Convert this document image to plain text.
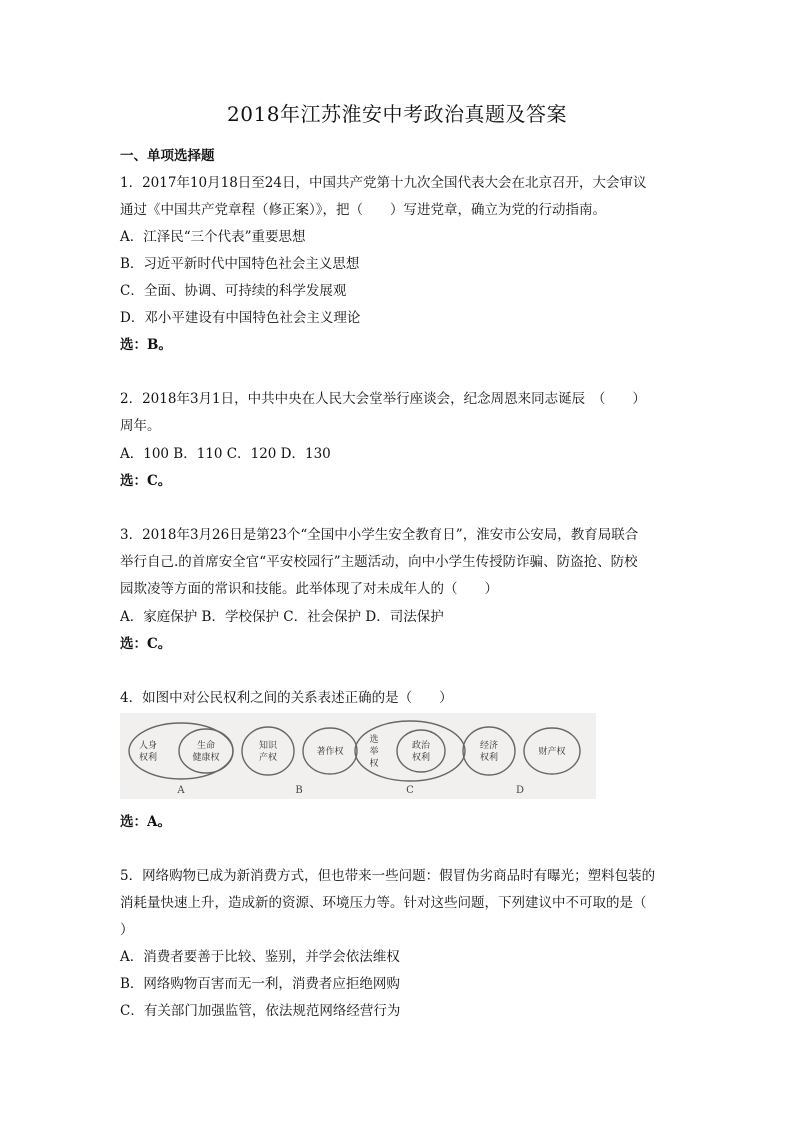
2018年江苏淮安中考政治真题及答案
一、单项选择题
1．2017年10月18日至24日，中国共产党第十九次全国代表大会在北京召开，大会审议
通过《中国共产党章程（修正案）》，把（　　）写进党章，确立为党的行动指南。
A．江泽民“三个代表”重要思想
B．习近平新时代中国特色社会主义思想
C．全面、协调、可持续的科学发展观
D．邓小平建设有中国特色社会主义理论
选：B。
2．2018年3月1日，中共中央在人民大会堂举行座谈会，纪念周恩来同志诞辰　（　　）
周年。
A．100 B．110 C．120 D．130
选：C。
3．2018年3月26日是第23个“全国中小学生安全教育日”，淮安市公安局，教育局联合
举行自己.的首席安全官“平安校园行”主题活动，向中小学生传授防诈骗、防盗抢、防校
园欺凌等方面的常识和技能。此举体现了对未成年人的（　　）
A．家庭保护 B．学校保护 C．社会保护 D．司法保护
选：C。
4．如图中对公民权利之间的关系表述正确的是（　　）
人身
权利
生命
健康权
A
知识
产权
著作权
B
选
举
权
政治
权利
C
经济
权利
财产权
D
选：A。
5．网络购物已成为新消费方式，但也带来一些问题：假冒伪劣商品时有曝光；塑料包装的
消耗量快速上升，造成新的资源、环境压力等。针对这些问题，下列建议中不可取的是（
）
A．消费者要善于比较、鉴别，并学会依法维权
B．网络购物百害而无一利，消费者应拒绝网购
C．有关部门加强监管，依法规范网络经营行为
